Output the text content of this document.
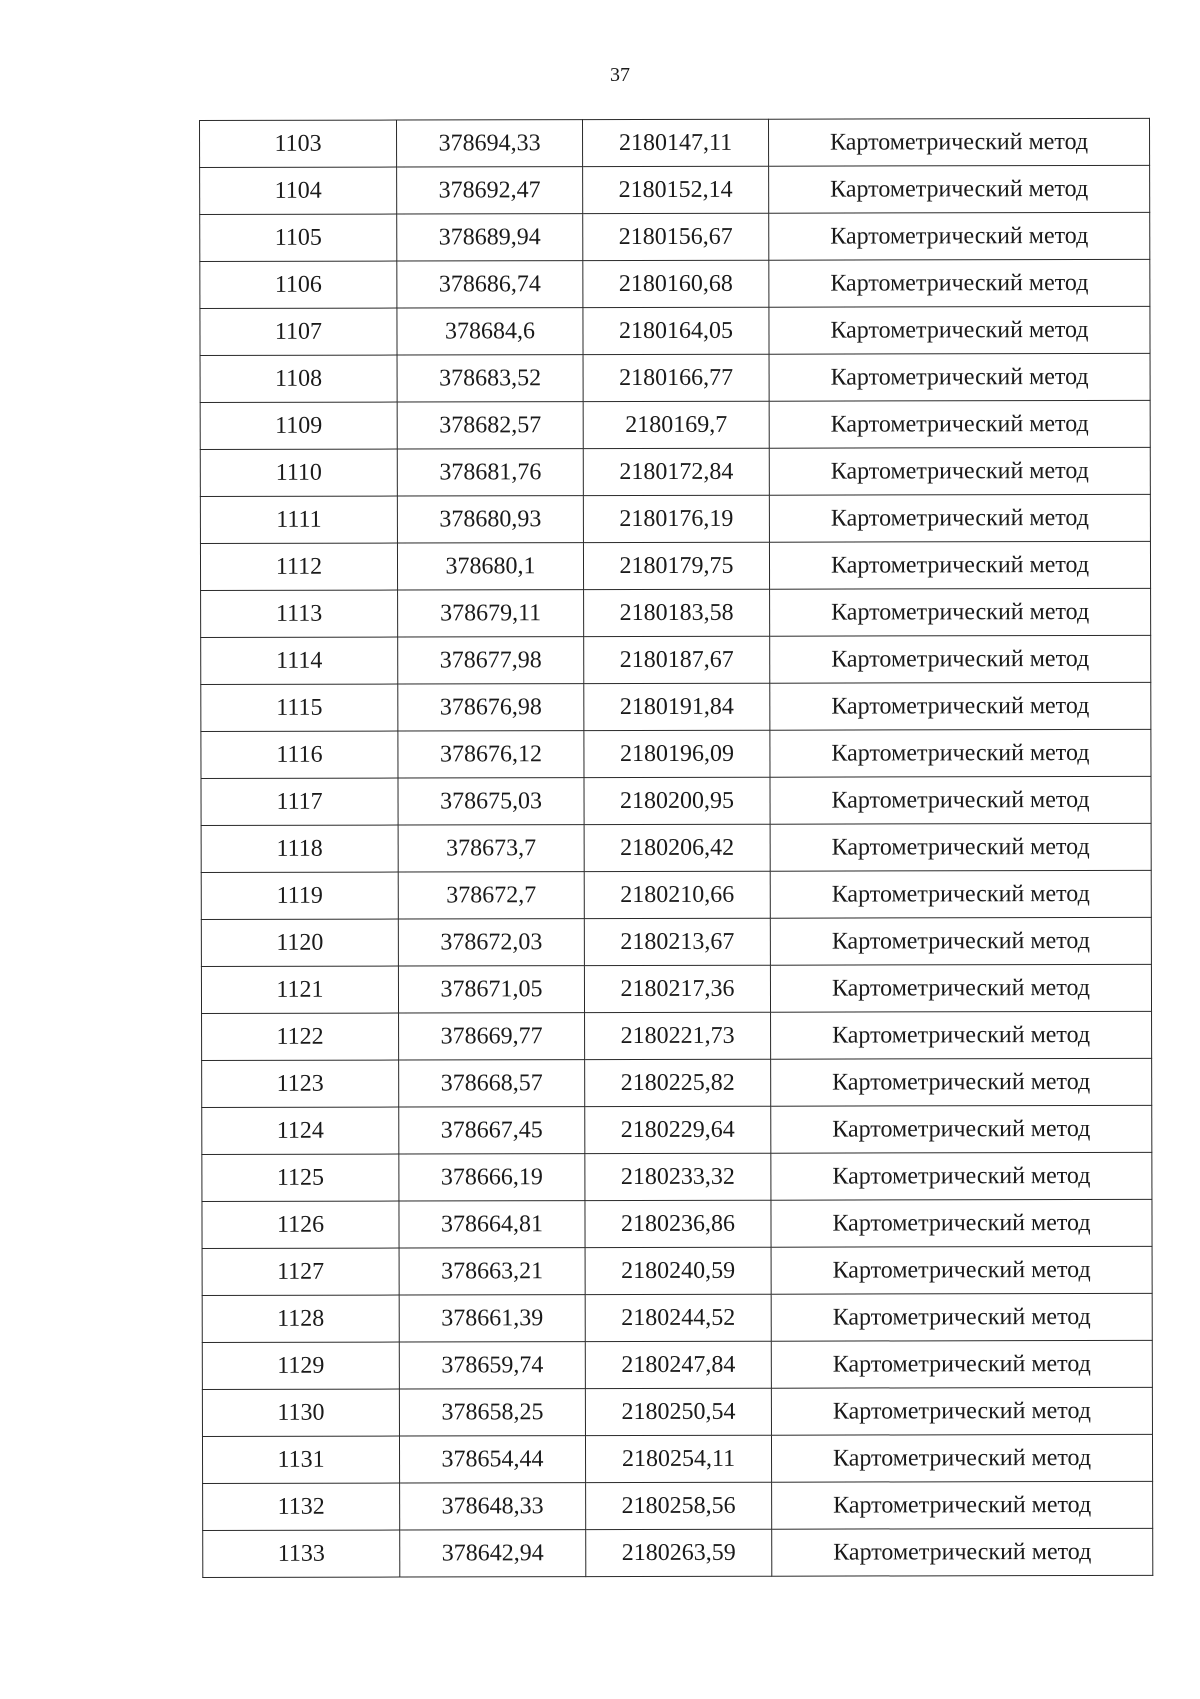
37
1103	378694,33	2180147,11	Картометрический метод
1104	378692,47	2180152,14	Картометрический метод
1105	378689,94	2180156,67	Картометрический метод
1106	378686,74	2180160,68	Картометрический метод
1107	378684,6	2180164,05	Картометрический метод
1108	378683,52	2180166,77	Картометрический метод
1109	378682,57	2180169,7	Картометрический метод
1110	378681,76	2180172,84	Картометрический метод
1111	378680,93	2180176,19	Картометрический метод
1112	378680,1	2180179,75	Картометрический метод
1113	378679,11	2180183,58	Картометрический метод
1114	378677,98	2180187,67	Картометрический метод
1115	378676,98	2180191,84	Картометрический метод
1116	378676,12	2180196,09	Картометрический метод
1117	378675,03	2180200,95	Картометрический метод
1118	378673,7	2180206,42	Картометрический метод
1119	378672,7	2180210,66	Картометрический метод
1120	378672,03	2180213,67	Картометрический метод
1121	378671,05	2180217,36	Картометрический метод
1122	378669,77	2180221,73	Картометрический метод
1123	378668,57	2180225,82	Картометрический метод
1124	378667,45	2180229,64	Картометрический метод
1125	378666,19	2180233,32	Картометрический метод
1126	378664,81	2180236,86	Картометрический метод
1127	378663,21	2180240,59	Картометрический метод
1128	378661,39	2180244,52	Картометрический метод
1129	378659,74	2180247,84	Картометрический метод
1130	378658,25	2180250,54	Картометрический метод
1131	378654,44	2180254,11	Картометрический метод
1132	378648,33	2180258,56	Картометрический метод
1133	378642,94	2180263,59	Картометрический метод
